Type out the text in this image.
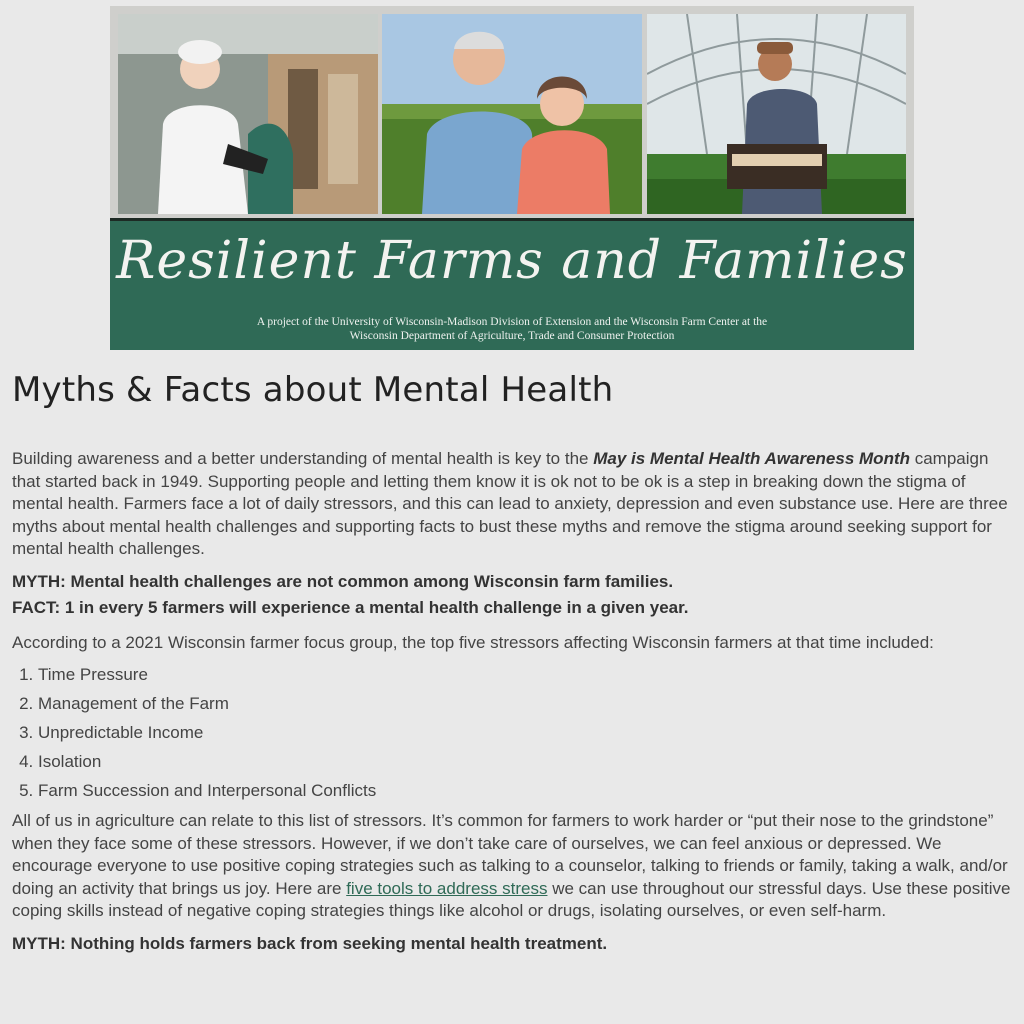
Resilient Farms and Families
A project of the University of Wisconsin-Madison Division of Extension and the Wisconsin Farm Center at the
Wisconsin Department of Agriculture, Trade and Consumer Protection
Myths & Facts about Mental Health

Building awareness and a better understanding of mental health is key to the May is Mental Health Awareness Month campaign that started back in 1949. Supporting people and letting them know it is ok not to be ok is a step in breaking down the stigma of mental health. Farmers face a lot of daily stressors, and this can lead to anxiety, depression and even substance use. Here are three myths about mental health challenges and supporting facts to bust these myths and remove the stigma around seeking support for mental health challenges.

MYTH: Mental health challenges are not common among Wisconsin farm families.

FACT: 1 in every 5 farmers will experience a mental health challenge in a given year.

According to a 2021 Wisconsin farmer focus group, the top five stressors affecting Wisconsin farmers at that time included:

1. Time Pressure
2. Management of the Farm
3. Unpredictable Income
4. Isolation
5. Farm Succession and Interpersonal Conflicts

All of us in agriculture can relate to this list of stressors. It’s common for farmers to work harder or “put their nose to the grindstone” when they face some of these stressors. However, if we don’t take care of ourselves, we can feel anxious or depressed. We encourage everyone to use positive coping strategies such as talking to a counselor, talking to friends or family, taking a walk, and/or doing an activity that brings us joy. Here are five tools to address stress we can use throughout our stressful days. Use these positive coping skills instead of negative coping strategies things like alcohol or drugs, isolating ourselves, or even self-harm.

MYTH: Nothing holds farmers back from seeking mental health treatment.
